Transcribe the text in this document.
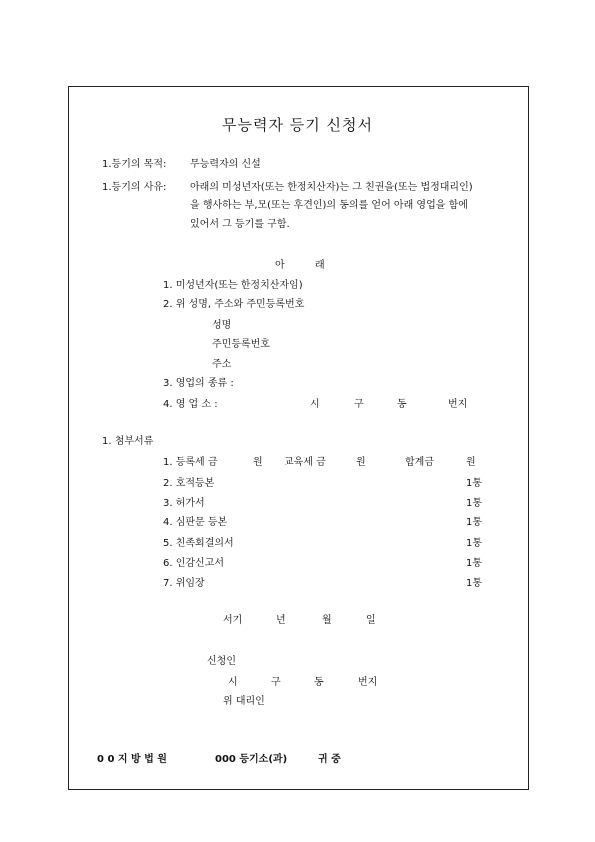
무능력자 등기 신청서
1.등기의 목적: 무능력자의 신설
1.등기의 사유: 아래의 미성년자(또는 한정치산자)는 그 친권을(또는 법정대리인)
을 행사하는 부,모(또는 후견인)의 동의를 얻어 아래 영업을 함에
있어서 그 등기를 구함.
아	래
1. 미성년자(또는 한정치산자임)
2. 위 성명, 주소와 주민등록번호
성명
주민등록번호
주소
3. 영업의 종류 :
4. 영 업 소 :	시	구	동	번지
1. 첨부서류
1. 등록세 금	원 교육세 금	원	합계금	원
2. 호적등본	1통
3. 허가서	1통
4. 심판문 등본	1통
5. 친족회결의서	1통
6. 인감신고서	1통
7. 위임장	1통
서기	년	월	일
신청인
시	구	동	번지
위 대리인
0 0 지 방 법 원	000 등기소(과)	귀 중
